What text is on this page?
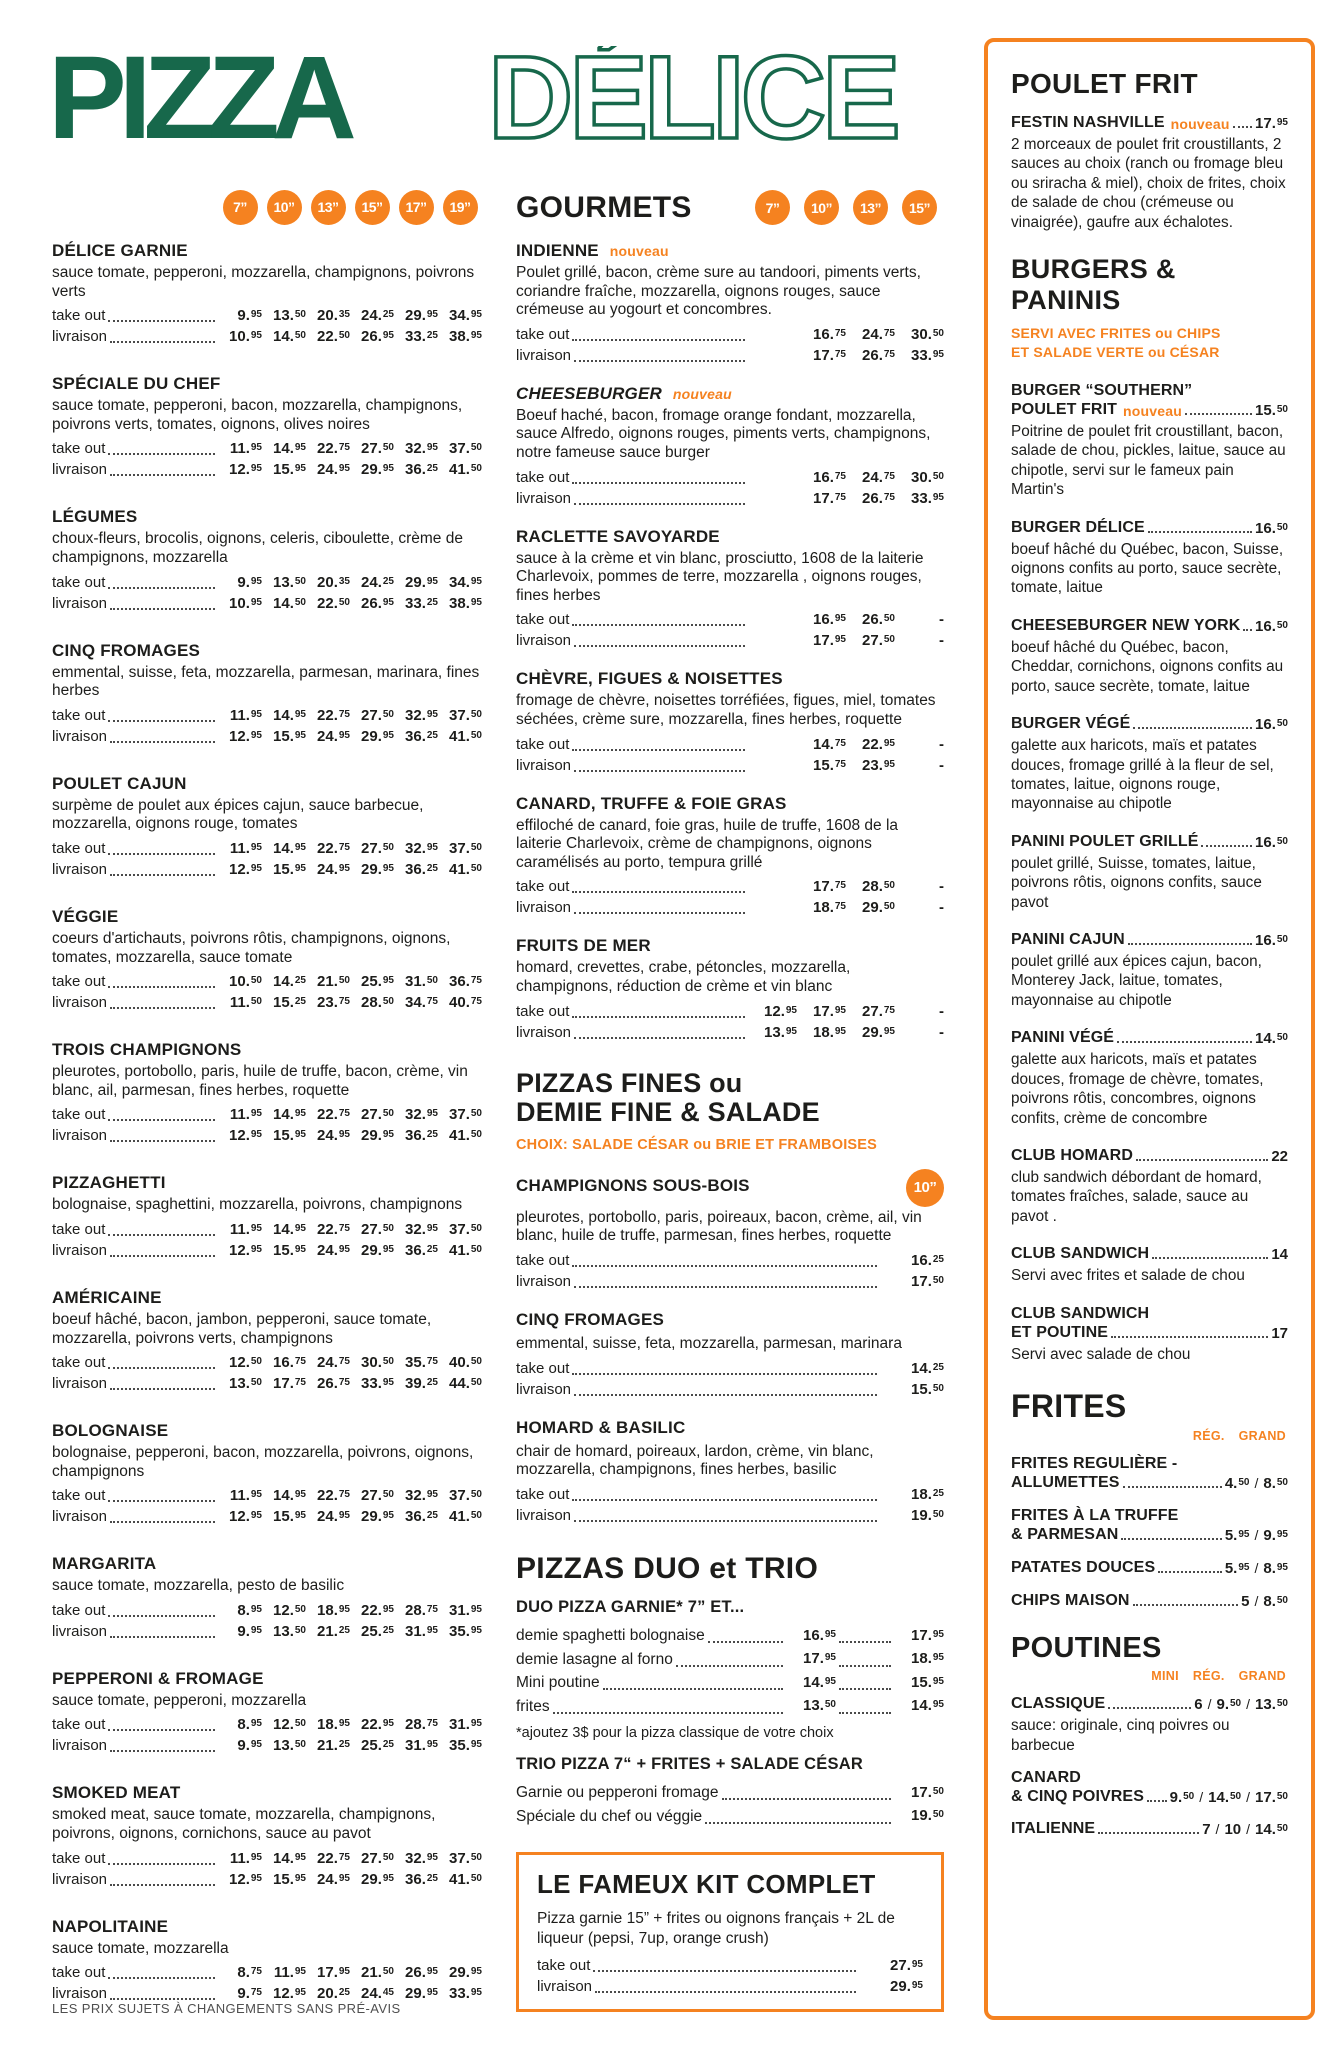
PIZZA DÉLICE
7”	10”	13”	15”	17”	19”
DÉLICE GARNIE

sauce tomate, pepperoni, mozzarella, champignons, poivrons verts

take out	9.95 13.50 20.35 24.25 29.95 34.95
livraison	10.95 14.50 22.50 26.95 33.25 38.95
SPÉCIALE DU CHEF

sauce tomate, pepperoni, bacon, mozzarella, champignons, poivrons verts, tomates, oignons, olives noires

take out	11.95 14.95 22.75 27.50 32.95 37.50
livraison	12.95 15.95 24.95 29.95 36.25 41.50
LÉGUMES

choux-fleurs, brocolis, oignons, celeris, ciboulette, crème de champignons, mozzarella

take out	9.95 13.50 20.35 24.25 29.95 34.95
livraison	10.95 14.50 22.50 26.95 33.25 38.95
CINQ FROMAGES

emmental, suisse, feta, mozzarella, parmesan, marinara, fines herbes

take out	11.95 14.95 22.75 27.50 32.95 37.50
livraison	12.95 15.95 24.95 29.95 36.25 41.50
POULET CAJUN

surpème de poulet aux épices cajun, sauce barbecue, mozzarella, oignons rouge, tomates

take out	11.95 14.95 22.75 27.50 32.95 37.50
livraison	12.95 15.95 24.95 29.95 36.25 41.50
VÉGGIE

coeurs d'artichauts, poivrons rôtis, champignons, oignons, tomates, mozzarella, sauce tomate

take out	10.50 14.25 21.50 25.95 31.50 36.75
livraison	11.50 15.25 23.75 28.50 34.75 40.75
TROIS CHAMPIGNONS

pleurotes, portobollo, paris, huile de truffe, bacon, crème, vin blanc, ail, parmesan, fines herbes, roquette

take out	11.95 14.95 22.75 27.50 32.95 37.50
livraison	12.95 15.95 24.95 29.95 36.25 41.50
PIZZAGHETTI

bolognaise, spaghettini, mozzarella, poivrons, champignons

take out	11.95 14.95 22.75 27.50 32.95 37.50
livraison	12.95 15.95 24.95 29.95 36.25 41.50
AMÉRICAINE

boeuf hâché, bacon, jambon, pepperoni, sauce tomate, mozzarella, poivrons verts, champignons

take out	12.50 16.75 24.75 30.50 35.75 40.50
livraison	13.50 17.75 26.75 33.95 39.25 44.50
BOLOGNAISE

bolognaise, pepperoni, bacon, mozzarella, poivrons, oignons, champignons

take out	11.95 14.95 22.75 27.50 32.95 37.50
livraison	12.95 15.95 24.95 29.95 36.25 41.50
MARGARITA

sauce tomate, mozzarella, pesto de basilic

take out	8.95 12.50 18.95 22.95 28.75 31.95
livraison	9.95 13.50 21.25 25.25 31.95 35.95
PEPPERONI & FROMAGE

sauce tomate, pepperoni, mozzarella

take out	8.95 12.50 18.95 22.95 28.75 31.95
livraison	9.95 13.50 21.25 25.25 31.95 35.95
SMOKED MEAT

smoked meat, sauce tomate, mozzarella, champignons, poivrons, oignons, cornichons, sauce au pavot

take out	11.95 14.95 22.75 27.50 32.95 37.50
livraison	12.95 15.95 24.95 29.95 36.25 41.50
NAPOLITAINE

sauce tomate, mozzarella

take out	8.75 11.95 17.95 21.50 26.95 29.95
livraison	9.75 12.95 20.25 24.45 29.95 33.95
GOURMETS	7”	10”	13”	15”
INDIENNE nouveau

Poulet grillé, bacon, crème sure au tandoori, piments verts, coriandre fraîche, mozzarella, oignons rouges, sauce crémeuse au yogourt et concombres.

take out	16.75	24.75	30.50
livraison	17.75	26.75	33.95
CHEESEBURGER nouveau

Boeuf haché, bacon, fromage orange fondant, mozzarella, sauce Alfredo, oignons rouges, piments verts, champignons, notre fameuse sauce burger

take out	16.75	24.75	30.50
livraison	17.75	26.75	33.95
RACLETTE SAVOYARDE

sauce à la crème et vin blanc, prosciutto, 1608 de la laiterie Charlevoix, pommes de terre, mozzarella , oignons rouges, fines herbes

take out	16.95	26.50	-
livraison	17.95	27.50	-
CHÈVRE, FIGUES & NOISETTES

fromage de chèvre, noisettes torréfiées, figues, miel, tomates séchées, crème sure, mozzarella, fines herbes, roquette

take out	14.75	22.95	-
livraison	15.75	23.95	-
CANARD, TRUFFE & FOIE GRAS

effiloché de canard, foie gras, huile de truffe, 1608 de la laiterie Charlevoix, crème de champignons, oignons caramélisés au porto, tempura grillé

take out	17.75	28.50	-
livraison	18.75	29.50	-
FRUITS DE MER

homard, crevettes, crabe, pétoncles, mozzarella, champignons, réduction de crème et vin blanc

take out	12.95	17.95	27.75	-
livraison	13.95	18.95	29.95	-
PIZZAS FINES ou
DEMIE FINE & SALADE
CHOIX: SALADE CÉSAR ou BRIE ET FRAMBOISES
CHAMPIGNONS SOUS-BOIS	10”

pleurotes, portobollo, paris, poireaux, bacon, crème, ail, vin blanc, huile de truffe, parmesan, fines herbes, roquette

take out	16.25
livraison	17.50
CINQ FROMAGES

emmental, suisse, feta, mozzarella, parmesan, marinara

take out	14.25
livraison	15.50
HOMARD & BASILIC

chair de homard, poireaux, lardon, crème, vin blanc, mozzarella, champignons, fines herbes, basilic

take out	18.25
livraison	19.50
PIZZAS DUO et TRIO

DUO PIZZA GARNIE* 7” ET...

demie spaghetti bolognaise	16.95	17.95
demie lasagne al forno	17.95	18.95
Mini poutine	14.95	15.95
frites	13.50	14.95

*ajoutez 3$ pour la pizza classique de votre choix

TRIO PIZZA 7“ + FRITES + SALADE CÉSAR

Garnie ou pepperoni fromage	17.50
Spéciale du chef ou véggie	19.50
LE FAMEUX KIT COMPLET

Pizza garnie 15” + frites ou oignons français + 2L de liqueur (pepsi, 7up, orange crush)

take out	27.95
livraison	29.95
POULET FRIT
FESTIN NASHVILLE nouveau 17.95

2 morceaux de poulet frit croustillants, 2 sauces au choix (ranch ou fromage bleu ou sriracha & miel), choix de frites, choix de salade de chou (crémeuse ou vinaigrée), gaufre aux échalotes.

BURGERS & PANINIS

SERVI AVEC FRITES ou CHIPS
ET SALADE VERTE ou CÉSAR

BURGER “SOUTHERN”
POULET FRIT nouveau	15.50

Poitrine de poulet frit croustillant, bacon, salade de chou, pickles, laitue, sauce au chipotle, servi sur le fameux pain Martin's

BURGER DÉLICE	16.50

boeuf hâché du Québec, bacon, Suisse, oignons confits au porto, sauce secrète, tomate, laitue

CHEESEBURGER NEW YORK 16.50

boeuf hâché du Québec, bacon, Cheddar, cornichons, oignons confits au porto, sauce secrète, tomate, laitue

BURGER VÉGÉ	16.50

galette aux haricots, maïs et patates douces, fromage grillé à la fleur de sel, tomates, laitue, oignons rouge, mayonnaise au chipotle

PANINI POULET GRILLÉ	16.50

poulet grillé, Suisse, tomates, laitue, poivrons rôtis, oignons confits, sauce pavot

PANINI CAJUN	16.50

poulet grillé aux épices cajun, bacon, Monterey Jack, laitue, tomates, mayonnaise au chipotle

PANINI VÉGÉ	14.50

galette aux haricots, maïs et patates douces, fromage de chèvre, tomates, poivrons rôtis, concombres, oignons confits, crème de concombre

CLUB HOMARD	22

club sandwich débordant de homard, tomates fraîches, salade, sauce au pavot .

CLUB SANDWICH	14

Servi avec frites et salade de chou

CLUB SANDWICH
ET POUTINE	17

Servi avec salade de chou

FRITES
RÉG. GRAND
FRITES REGULIÈRE -
ALLUMETTES	4.50 / 8.50
FRITES À LA TRUFFE
& PARMESAN	5.95 / 9.95
PATATES DOUCES	5.95 / 8.95
CHIPS MAISON	5 / 8.50
POUTINES
MINI RÉG. GRAND
CLASSIQUE	6 / 9.50 / 13.50

sauce: originale, cinq poivres ou barbecue

CANARD
& CINQ POIVRES 9.50 / 14.50 / 17.50
ITALIENNE	7 / 10 / 14.50
LES PRIX SUJETS À CHANGEMENTS SANS PRÉ-AVIS
